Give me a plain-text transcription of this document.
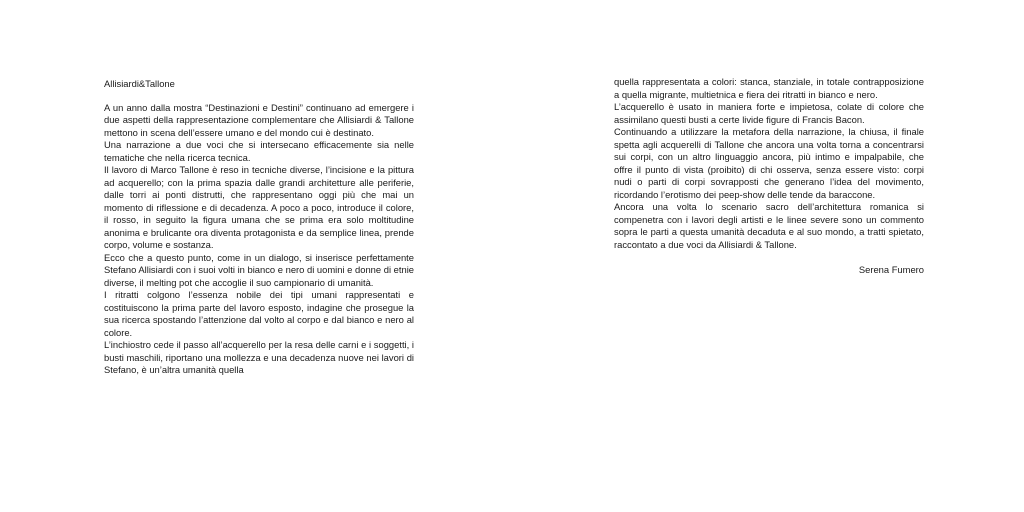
Allisiardi&Tallone

A un anno dalla mostra “Destinazioni e Destini” continuano ad emergere i due aspetti della rappresentazione complementare che Allisiardi & Tallone mettono in scena dell’essere umano e del mondo cui è destinato.

Una narrazione a due voci che si intersecano efficacemente sia nelle tematiche che nella ricerca tecnica.

Il lavoro di Marco Tallone è reso in tecniche diverse, l’incisione e la pittura ad acquerello; con la prima spazia dalle grandi architetture alle periferie, dalle torri ai ponti distrutti, che rappresentano oggi più che mai un momento di riflessione e di decadenza. A poco a poco, introduce il colore, il rosso, in seguito la figura umana che se prima era solo moltitudine anonima e brulicante ora diventa protagonista e da semplice linea, prende corpo, volume e sostanza.

Ecco che a questo punto, come in un dialogo, si inserisce perfettamente Stefano Allisiardi con i suoi volti in bianco e nero di uomini e donne di etnie diverse, il melting pot che accoglie il suo campionario di umanità.

I ritratti colgono l’essenza nobile dei tipi umani rappresentati e costituiscono la prima parte del lavoro esposto, indagine che prosegue la sua ricerca spostando l’attenzione dal volto al corpo e dal bianco e nero al colore.

L’inchiostro cede il passo all’acquerello per la resa delle carni e i soggetti, i busti maschili, riportano una mollezza e una decadenza nuove nei lavori di Stefano, è un’altra umanità quella

quella rappresentata a colori: stanca, stanziale, in totale contrapposizione a quella migrante, multietnica e fiera dei ritratti in bianco e nero.

L’acquerello è usato in maniera forte e impietosa, colate di colore che assimilano questi busti a certe livide figure di Francis Bacon.

Continuando a utilizzare la metafora della narrazione, la chiusa, il finale spetta agli acquerelli di Tallone che ancora una volta torna a concentrarsi sui corpi, con un altro linguaggio ancora, più intimo e impalpabile, che offre il punto di vista (proibito) di chi osserva, senza essere visto: corpi nudi o parti di corpi sovrapposti che generano l’idea del movimento, ricordando l’erotismo dei peep-show delle tende da baraccone.

Ancora una volta lo scenario sacro dell’architettura romanica si compenetra con i lavori degli artisti e le linee severe sono un commento sopra le parti a questa umanità decaduta e al suo mondo, a tratti spietato, raccontato a due voci da Allisiardi & Tallone.

Serena Fumero
